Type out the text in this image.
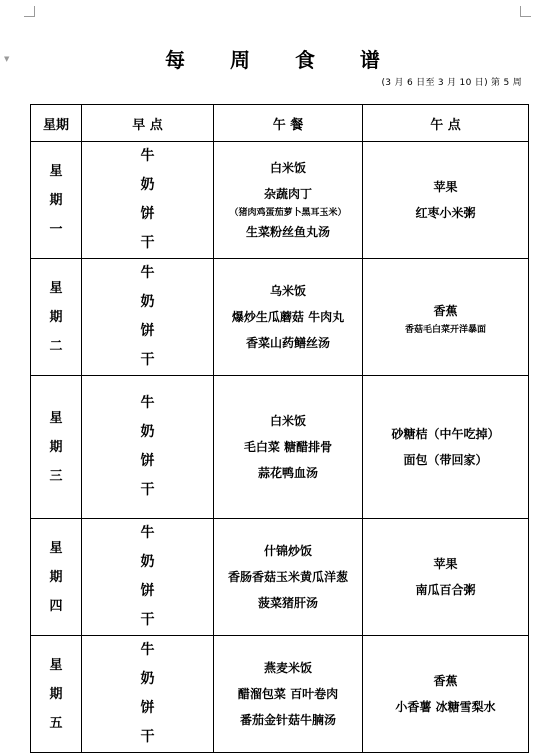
▼	每 周 食 谱
(3 月 6 日至 3 月 10 日) 第 5 周
星期	早 点	午 餐	午 点

星
期
一	牛 奶
饼 干	白米饭
杂蔬肉丁
（猪肉鸡蛋茄萝卜黑耳玉米）
生菜粉丝鱼丸汤	苹果
红枣小米粥

星
期
二	牛 奶
饼 干	乌米饭
爆炒生瓜蘑菇 牛肉丸
香菜山药鳝丝汤	香蕉
香菇毛白菜开洋暴面

星
期
三	牛 奶
饼 干	白米饭
毛白菜 糖醋排骨
蒜花鸭血汤	砂糖桔（中午吃掉）
面包（带回家）

星
期
四	牛 奶
饼 干	什锦炒饭
香肠香菇玉米黄瓜洋葱
菠菜猪肝汤	苹果
南瓜百合粥

星
期
五	牛 奶
饼 干	燕麦米饭
醋溜包菜 百叶卷肉
番茄金针菇牛腩汤	香蕉
小香薯 冰糖雪梨水
